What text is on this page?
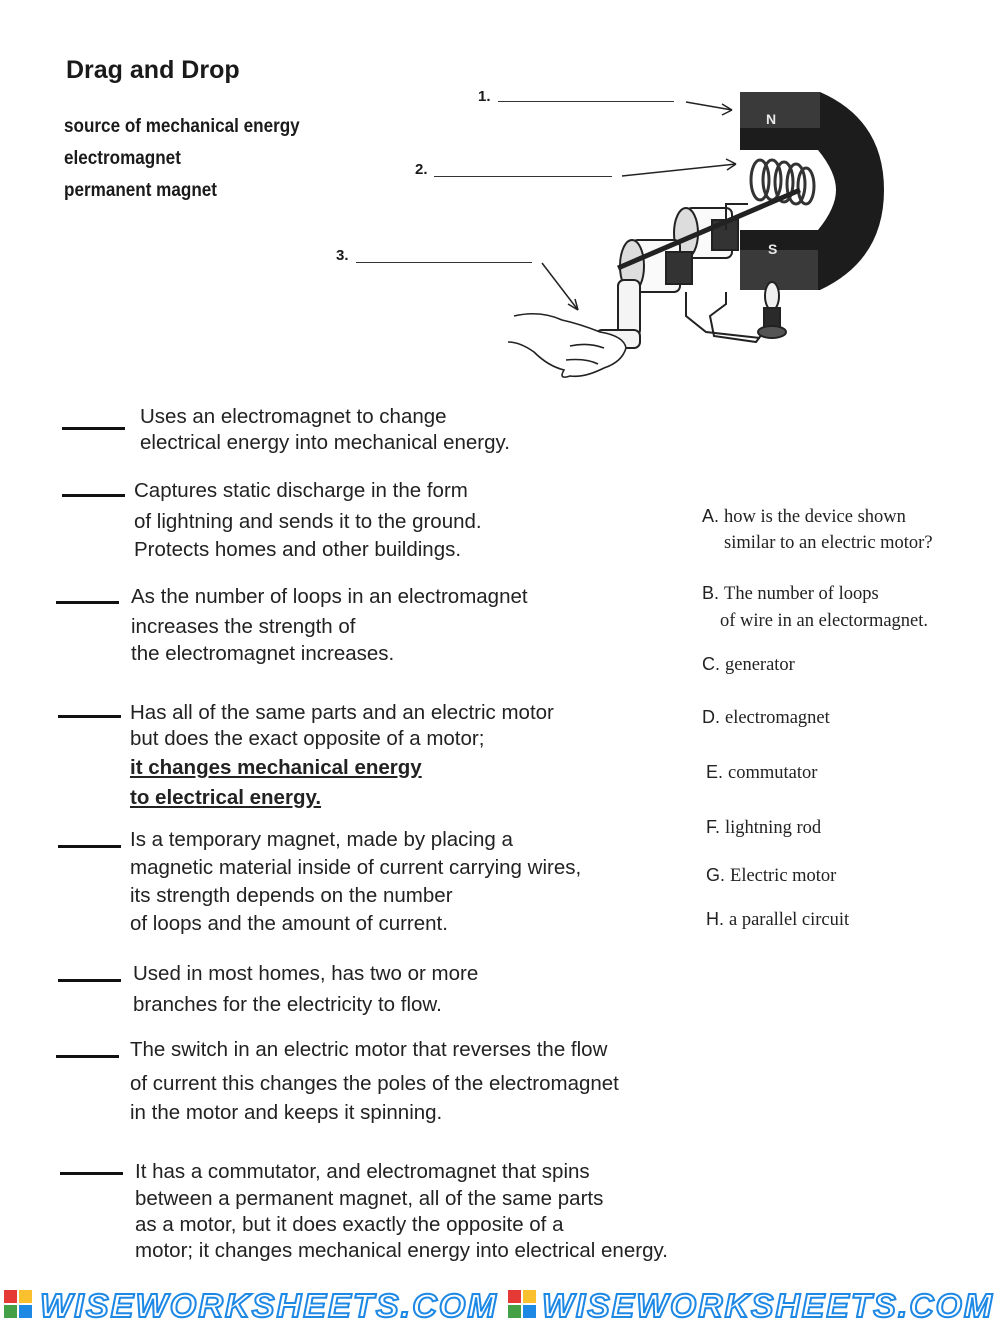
Drag and Drop
source of mechanical energy
electromagnet
permanent magnet
1.
2.
3.
N
S
Uses an electromagnet to change
electrical energy into mechanical energy.
Captures static discharge in the form
of lightning and sends it to the ground.
Protects homes and other buildings.
As the number of loops in an electromagnet
increases the strength of
the electromagnet increases.
Has all of the same parts and an electric motor
but does the exact opposite of a motor;
it changes mechanical energy
to electrical energy.
Is a temporary magnet, made by placing a
magnetic material inside of current carrying wires,
its strength depends on the number
of loops and the amount of current.
Used in most homes, has two or more
branches for the electricity to flow.
The switch in an electric motor that reverses the flow
of current this changes the poles of the electromagnet
in the motor and keeps it spinning.
It has a commutator, and electromagnet that spins
between a permanent magnet, all of the same parts
as a motor, but it does exactly the opposite of a
motor; it changes mechanical energy into electrical energy.
A. how is the device shown
similar to an electric motor?
B. The number of loops
of wire in an electormagnet.
C. generator
D. electromagnet
E. commutator
F. lightning rod
G. Electric motor
H. a parallel circuit
WISEWORKSHEETS.COM WISEWORKSHEETS.COM
